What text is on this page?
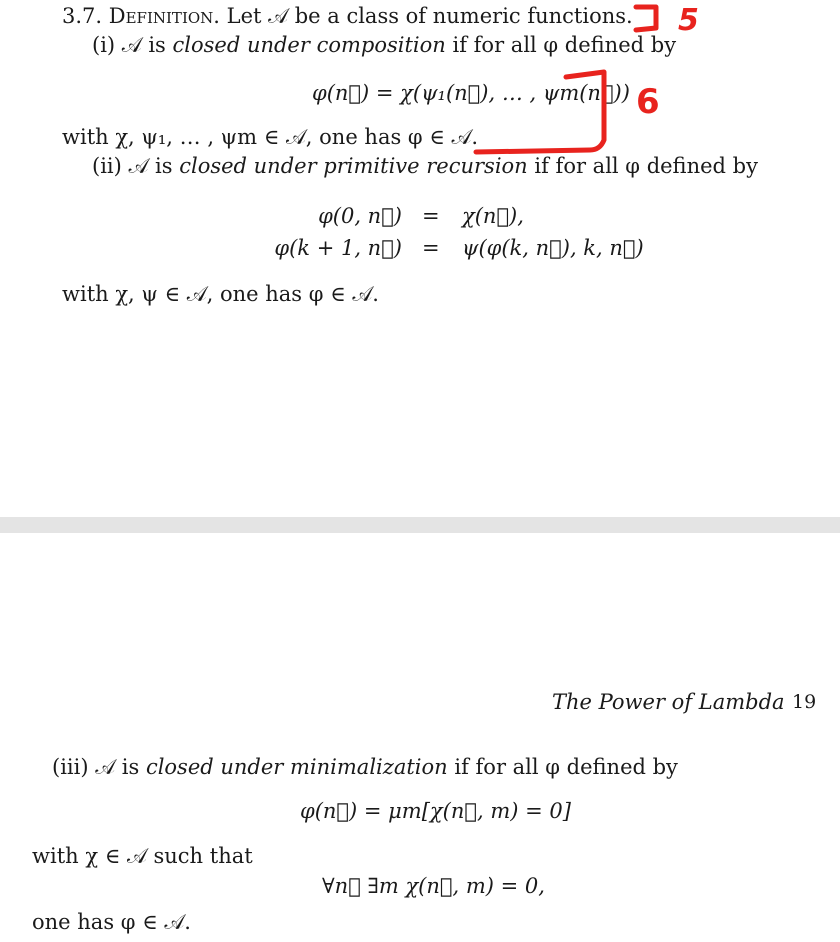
3.7. Definition. Let 𝒜 be a class of numeric functions.
(i) 𝒜 is closed under composition if for all φ defined by
φ(n⃗) = χ(ψ₁(n⃗), … , ψm(n⃗))
with χ, ψ₁, … , ψm ∈ 𝒜, one has φ ∈ 𝒜.
(ii) 𝒜 is closed under primitive recursion if for all φ defined by
φ(0, n⃗) = χ(n⃗),
φ(k + 1, n⃗) = ψ(φ(k, n⃗), k, n⃗)
with χ, ψ ∈ 𝒜, one has φ ∈ 𝒜.
5
6
The Power of Lambda 19
(iii) 𝒜 is closed under minimalization if for all φ defined by
φ(n⃗) = μm[χ(n⃗, m) = 0]
with χ ∈ 𝒜 such that
∀n⃗ ∃m χ(n⃗, m) = 0,
one has φ ∈ 𝒜.
